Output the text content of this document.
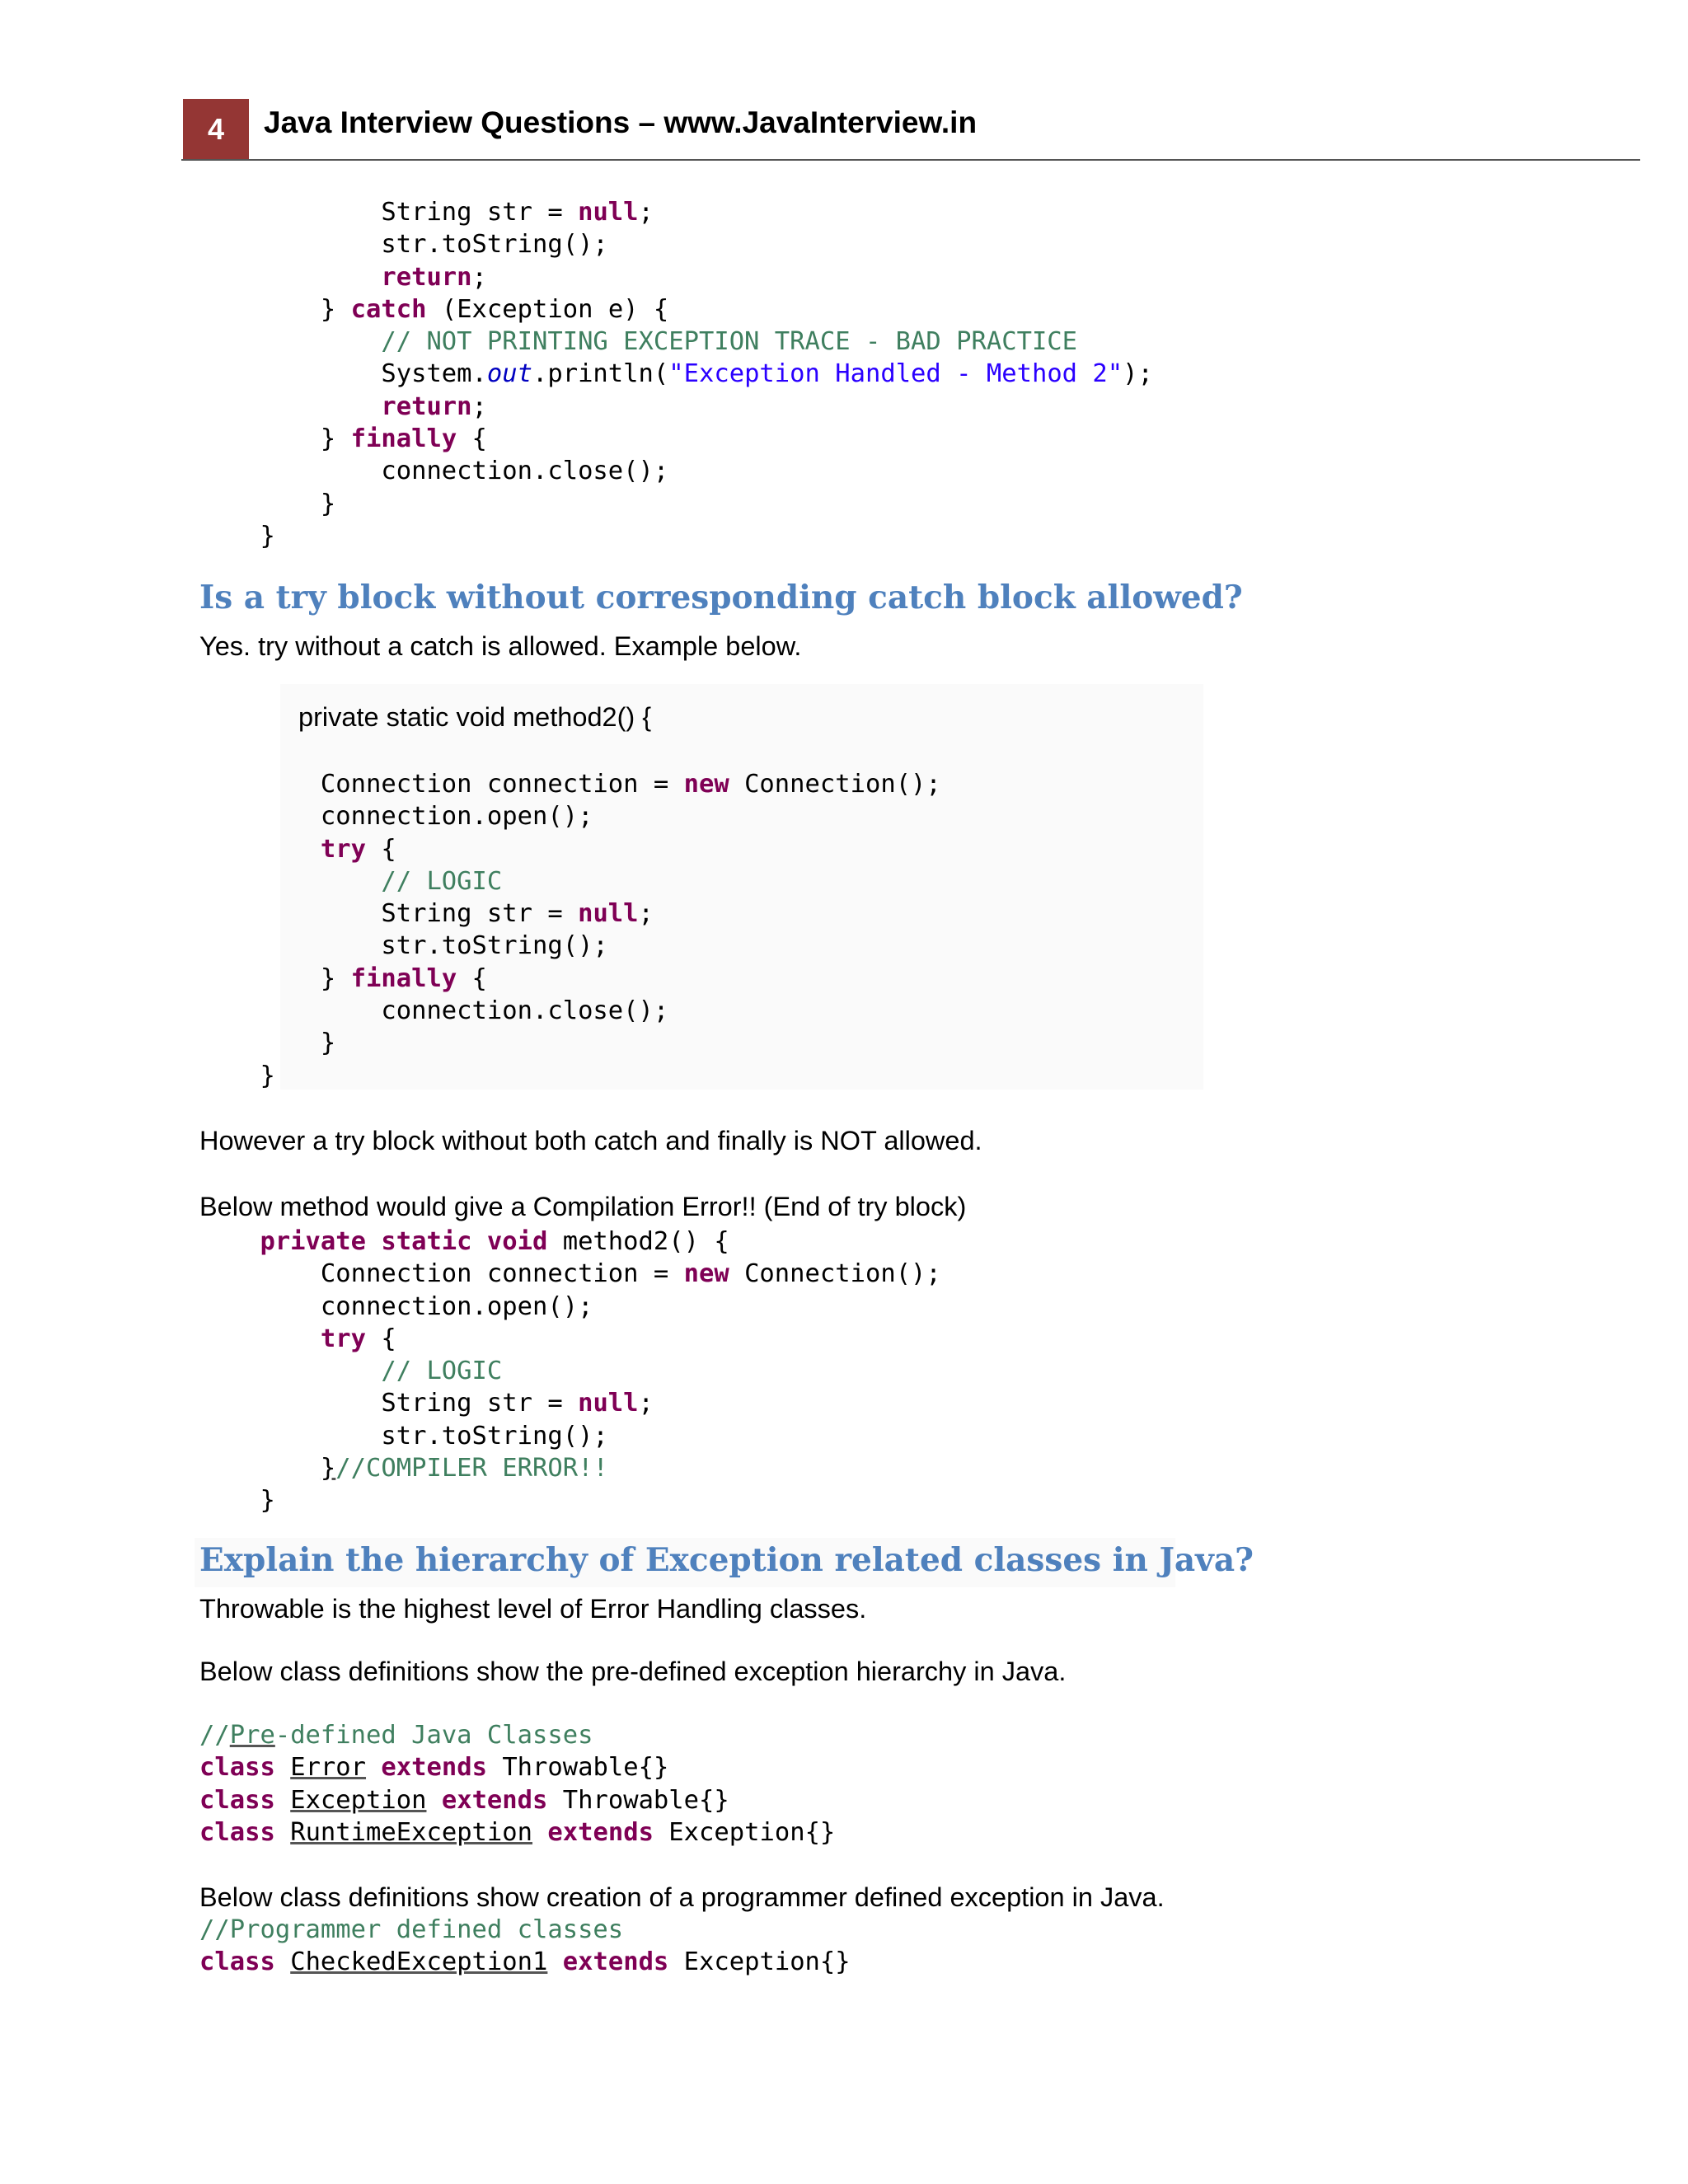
4	Java Interview Questions – www.JavaInterview.in
String str = null;
str.toString();
return;
} catch (Exception e) {
// NOT PRINTING EXCEPTION TRACE - BAD PRACTICE
System.out.println("Exception Handled - Method 2");
return;
} finally {
connection.close();
}
}
Is a try block without corresponding catch block allowed?
Yes. try without a catch is allowed. Example below.
private static void method2() {
Connection connection = new Connection();
connection.open();
try {
// LOGIC
String str = null;
str.toString();
} finally {
connection.close();
}
}
However a try block without both catch and finally is NOT allowed.
Below method would give a Compilation Error!! (End of try block)
private static void method2() {
Connection connection = new Connection();
connection.open();
try {
// LOGIC
String str = null;
str.toString();
}//COMPILER ERROR!!
}
Explain the hierarchy of Exception related classes in Java?
Throwable is the highest level of Error Handling classes.
Below class definitions show the pre-defined exception hierarchy in Java.
//Pre-defined Java Classes
class Error extends Throwable{}
class Exception extends Throwable{}
class RuntimeException extends Exception{}
Below class definitions show creation of a programmer defined exception in Java.
//Programmer defined classes
class CheckedException1 extends Exception{}
